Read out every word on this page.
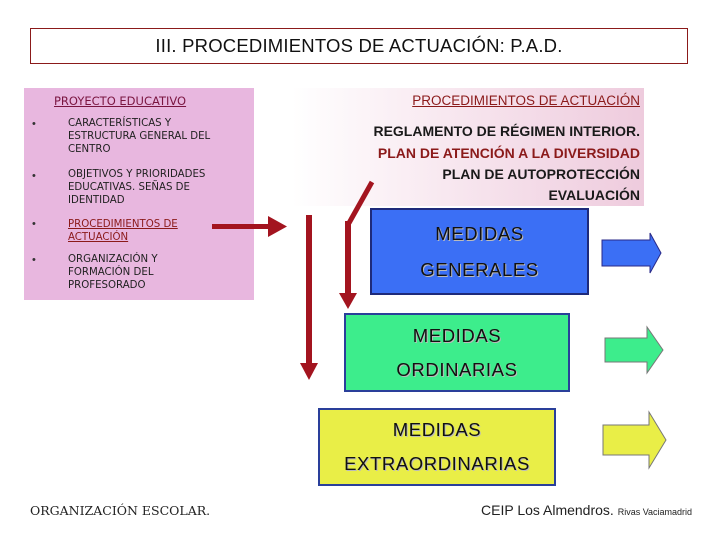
III. PROCEDIMIENTOS DE ACTUACIÓN: P.A.D.
PROYECTO EDUCATIVO
•	CARACTERÍSTICAS Y
ESTRUCTURA GENERAL DEL
CENTRO
•	OBJETIVOS Y PRIORIDADES
EDUCATIVAS. SEÑAS DE
IDENTIDAD
•	PROCEDIMIENTOS DE
ACTUACIÓN
•	ORGANIZACIÓN Y
FORMACIÓN DEL
PROFESORADO
PROCEDIMIENTOS DE ACTUACIÓN
REGLAMENTO DE RÉGIMEN INTERIOR.
PLAN DE ATENCIÓN A LA DIVERSIDAD
PLAN DE AUTOPROTECCIÓN
EVALUACIÓN
MEDIDAS
GENERALES
MEDIDAS
ORDINARIAS
MEDIDAS
EXTRAORDINARIAS
ORGANIZACIÓN ESCOLAR.	CEIP Los Almendros. Rivas Vaciamadrid
